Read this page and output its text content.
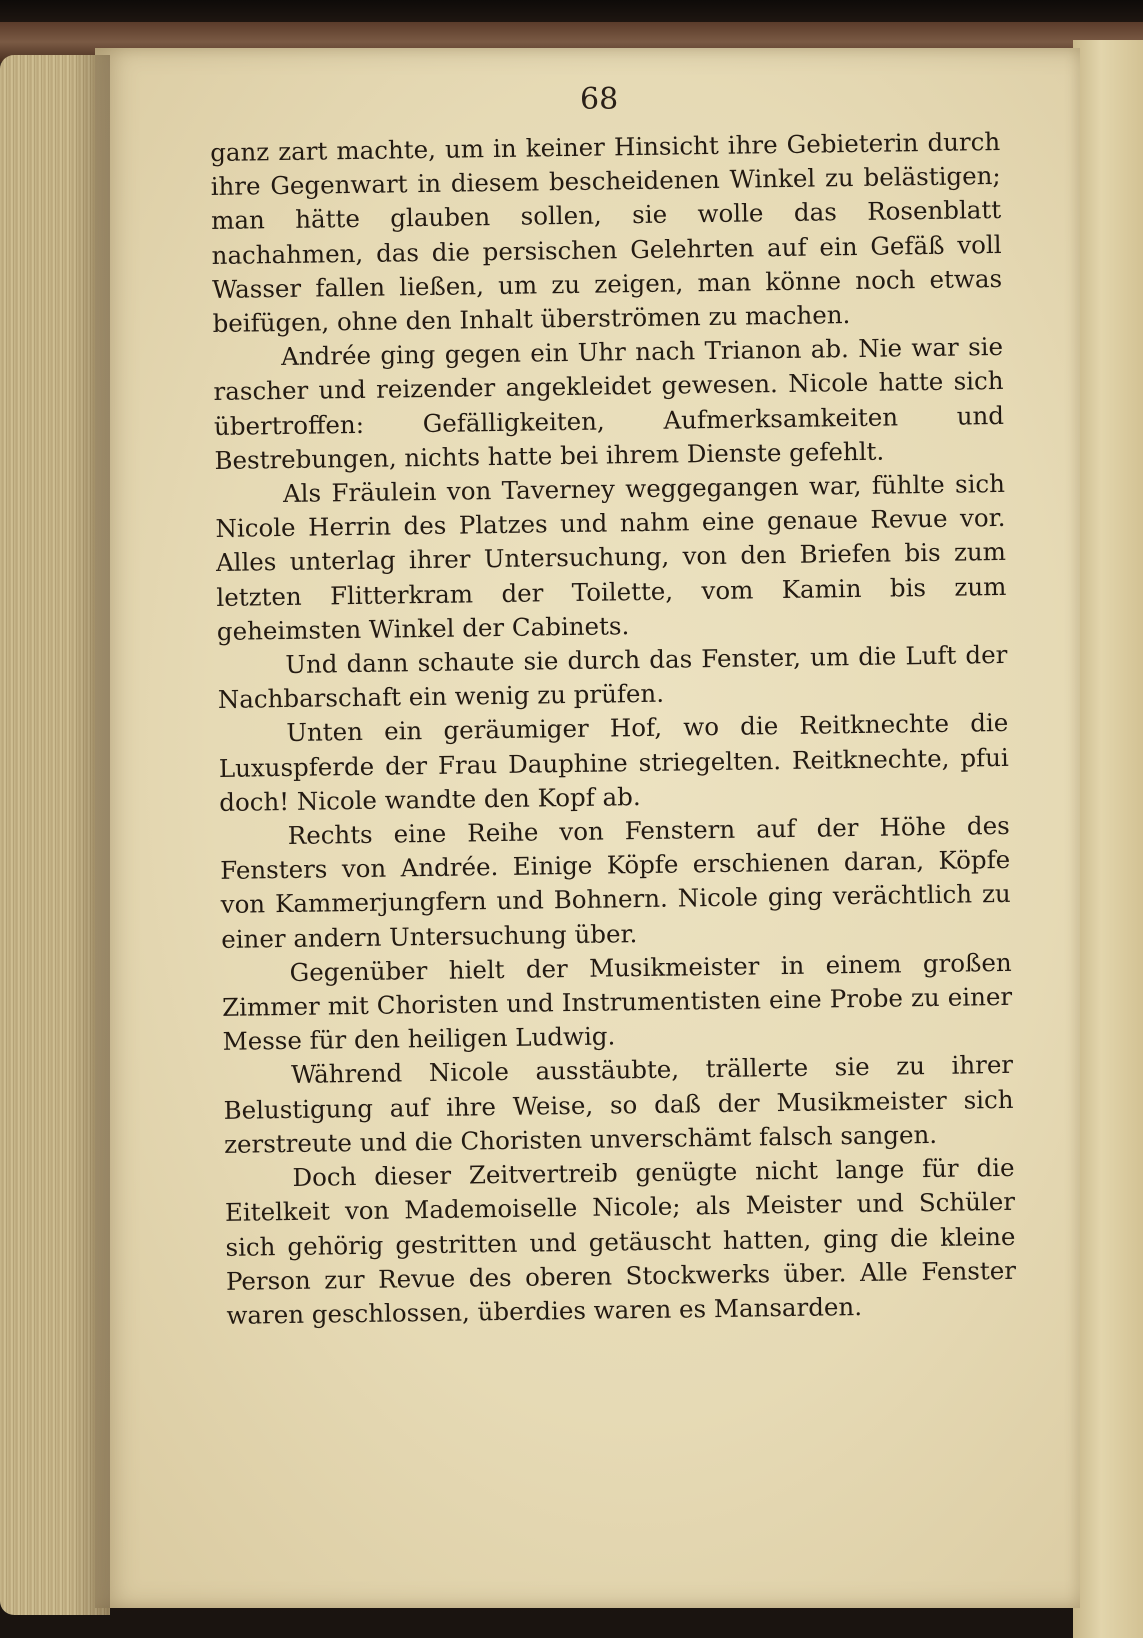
68

ganz zart machte, um in keiner Hinsicht ihre Gebieterin durch ihre Gegenwart in diesem bescheidenen Winkel zu belästigen; man hätte glauben sollen, sie wolle das Rosenblatt nachahmen, das die persischen Gelehrten auf ein Gefäß voll Wasser fallen ließen, um zu zeigen, man könne noch etwas beifügen, ohne den Inhalt überströmen zu machen.

Andrée ging gegen ein Uhr nach Trianon ab. Nie war sie rascher und reizender angekleidet gewesen. Nicole hatte sich übertroffen: Gefälligkeiten, Aufmerksamkeiten und Bestrebungen, nichts hatte bei ihrem Dienste gefehlt.

Als Fräulein von Taverney weggegangen war, fühlte sich Nicole Herrin des Platzes und nahm eine genaue Revue vor. Alles unterlag ihrer Untersuchung, von den Briefen bis zum letzten Flitterkram der Toilette, vom Kamin bis zum geheimsten Winkel der Cabinets.

Und dann schaute sie durch das Fenster, um die Luft der Nachbarschaft ein wenig zu prüfen.

Unten ein geräumiger Hof, wo die Reitknechte die Luxuspferde der Frau Dauphine striegelten. Reitknechte, pfui doch! Nicole wandte den Kopf ab.

Rechts eine Reihe von Fenstern auf der Höhe des Fensters von Andrée. Einige Köpfe erschienen daran, Köpfe von Kammerjungfern und Bohnern. Nicole ging verächtlich zu einer andern Untersuchung über.

Gegenüber hielt der Musikmeister in einem großen Zimmer mit Choristen und Instrumentisten eine Probe zu einer Messe für den heiligen Ludwig.

Während Nicole ausstäubte, trällerte sie zu ihrer Belustigung auf ihre Weise, so daß der Musikmeister sich zerstreute und die Choristen unverschämt falsch sangen.

Doch dieser Zeitvertreib genügte nicht lange für die Eitelkeit von Mademoiselle Nicole; als Meister und Schüler sich gehörig gestritten und getäuscht hatten, ging die kleine Person zur Revue des oberen Stockwerks über. Alle Fenster waren geschlossen, überdies waren es Mansarden.
